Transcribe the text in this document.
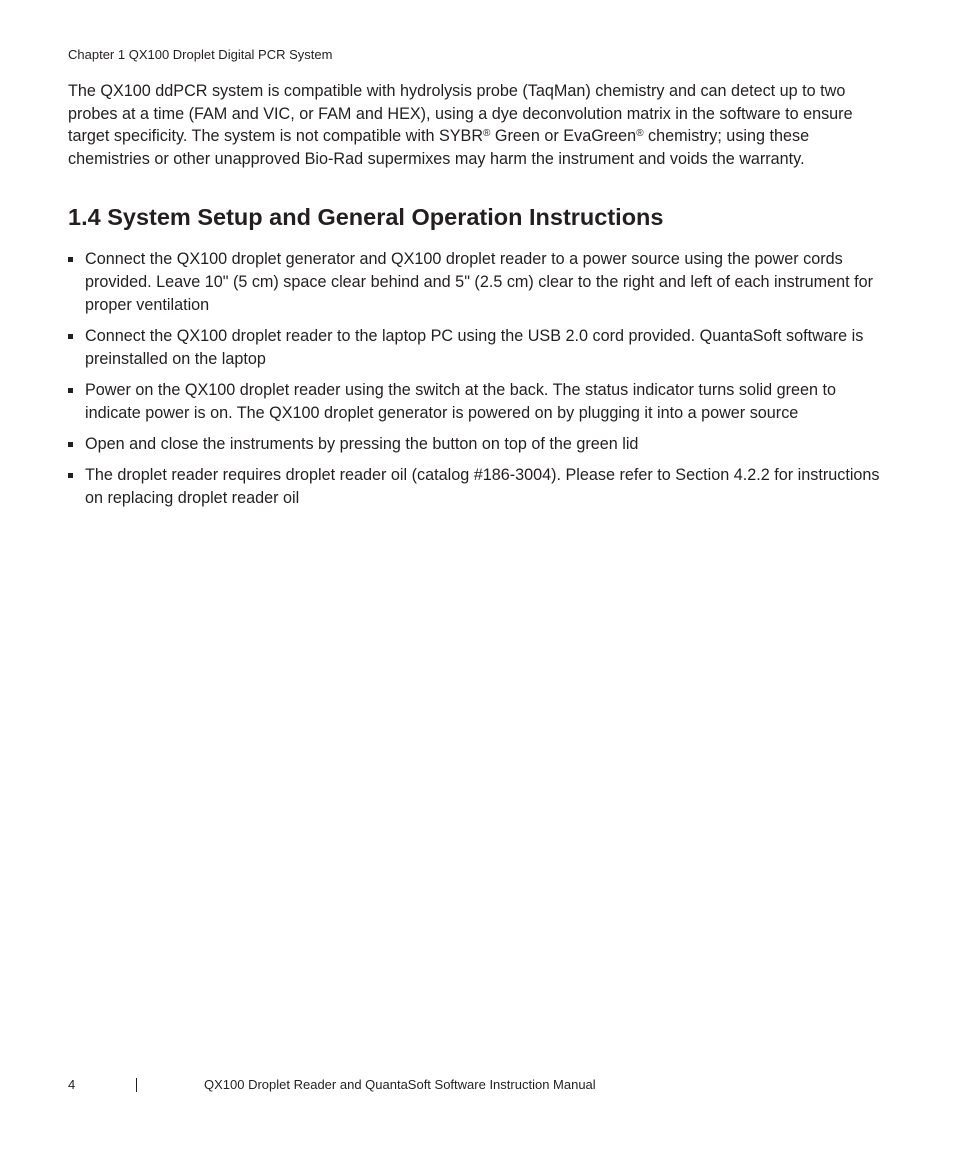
Chapter 1 QX100 Droplet Digital PCR System

The QX100 ddPCR system is compatible with hydrolysis probe (TaqMan) chemistry and can detect up to two probes at a time (FAM and VIC, or FAM and HEX), using a dye deconvolution matrix in the software to ensure target specificity. The system is not compatible with SYBR® Green or EvaGreen® chemistry; using these chemistries or other unapproved Bio-Rad supermixes may harm the instrument and voids the warranty.

1.4 System Setup and General Operation Instructions
Connect the QX100 droplet generator and QX100 droplet reader to a power source using the power cords provided. Leave 10" (5 cm) space clear behind and 5" (2.5 cm) clear to the right and left of each instrument for proper ventilation
Connect the QX100 droplet reader to the laptop PC using the USB 2.0 cord provided. QuantaSoft software is preinstalled on the laptop
Power on the QX100 droplet reader using the switch at the back. The status indicator turns solid green to indicate power is on. The QX100 droplet generator is powered on by plugging it into a power source
Open and close the instruments by pressing the button on top of the green lid
The droplet reader requires droplet reader oil (catalog #186-3004). Please refer to Section 4.2.2 for instructions on replacing droplet reader oil
4	QX100 Droplet Reader and QuantaSoft Software Instruction Manual
